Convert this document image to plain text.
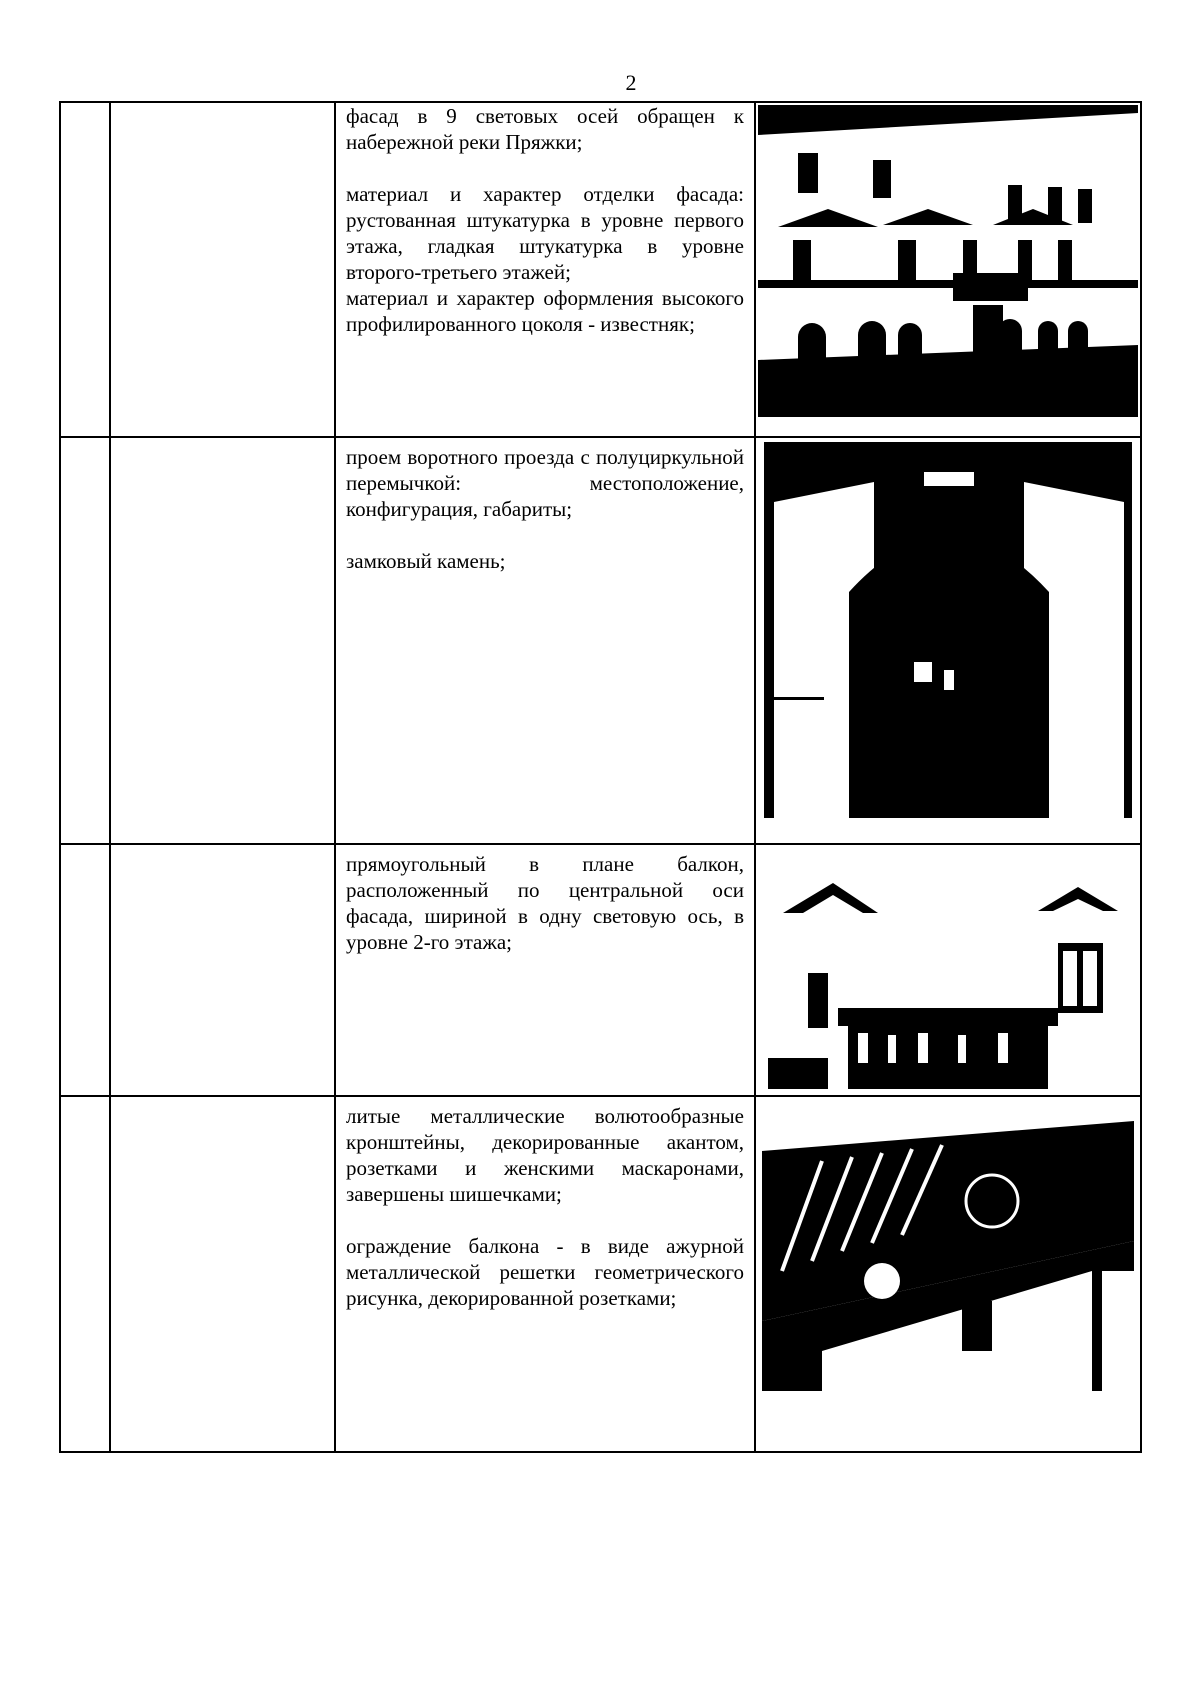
2

		фасад в 9 световых осей обращен к набережной реки Пряжки;

материал и характер отделки фасада: рустованная штукатурка в уровне первого этажа, гладкая штукатурка в уровне второго-третьего этажей;

материал и характер оформления высокого профилированного цоколя - известняк;

		проем воротного проезда с полуциркульной перемычкой: местоположение, конфигурация, габариты;

замковый камень;

		прямоугольный в плане балкон, расположенный по центральной оси фасада, шириной в одну световую ось, в уровне 2-го этажа;

		литые металлические волютообразные кронштейны, декорированные акантом, розетками и женскими маскаронами, завершены шишечками;

ограждение балкона - в виде ажурной металлической решетки геометрического рисунка, декорированной розетками;
